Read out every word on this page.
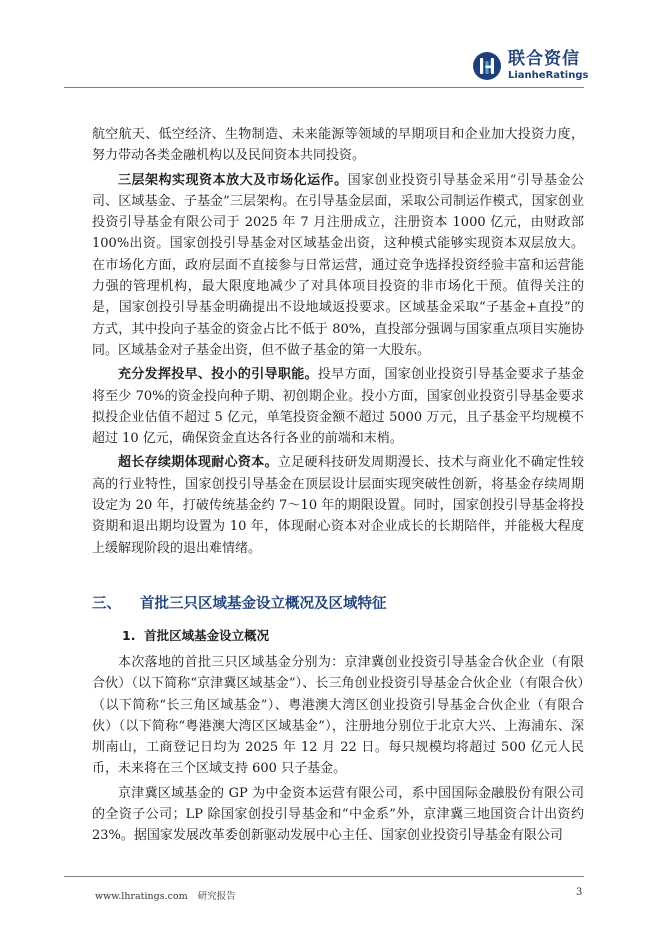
联合资信
LianheRatings

航空航天、低空经济、生物制造、未来能源等领域的早期项目和企业加大投资力度，努力带动各类金融机构以及民间资本共同投资。

三层架构实现资本放大及市场化运作。国家创业投资引导基金采用“引导基金公司、区域基金、子基金”三层架构。在引导基金层面，采取公司制运作模式，国家创业投资引导基金有限公司于 2025 年 7 月注册成立，注册资本 1000 亿元，由财政部 100%出资。国家创投引导基金对区域基金出资，这种模式能够实现资本双层放大。在市场化方面，政府层面不直接参与日常运营，通过竞争选择投资经验丰富和运营能力强的管理机构，最大限度地减少了对具体项目投资的非市场化干预。值得关注的是，国家创投引导基金明确提出不设地域返投要求。区域基金采取“子基金+直投”的方式，其中投向子基金的资金占比不低于 80%，直投部分强调与国家重点项目实施协同。区域基金对子基金出资，但不做子基金的第一大股东。

充分发挥投早、投小的引导职能。投早方面，国家创业投资引导基金要求子基金将至少 70%的资金投向种子期、初创期企业。投小方面，国家创业投资引导基金要求拟投企业估值不超过 5 亿元，单笔投资金额不超过 5000 万元，且子基金平均规模不超过 10 亿元，确保资金直达各行各业的前端和末梢。

超长存续期体现耐心资本。立足硬科技研发周期漫长、技术与商业化不确定性较高的行业特性，国家创投引导基金在顶层设计层面实现突破性创新，将基金存续周期设定为 20 年，打破传统基金约 7～10 年的期限设置。同时，国家创投引导基金将投资期和退出期均设置为 10 年，体现耐心资本对企业成长的长期陪伴，并能极大程度上缓解现阶段的退出难情绪。

三、 首批三只区域基金设立概况及区域特征
1. 首批区域基金设立概况

本次落地的首批三只区域基金分别为：京津冀创业投资引导基金合伙企业（有限合伙）（以下简称“京津冀区域基金”）、长三角创业投资引导基金合伙企业（有限合伙）（以下简称“长三角区域基金”）、粤港澳大湾区创业投资引导基金合伙企业（有限合伙）（以下简称“粤港澳大湾区区域基金”），注册地分别位于北京大兴、上海浦东、深圳南山，工商登记日均为 2025 年 12 月 22 日。每只规模均将超过 500 亿元人民币，未来将在三个区域支持 600 只子基金。

京津冀区域基金的 GP 为中金资本运营有限公司，系中国国际金融股份有限公司的全资子公司；LP 除国家创投引导基金和“中金系”外，京津冀三地国资合计出资约 23%。据国家发展改革委创新驱动发展中心主任、国家创业投资引导基金有限公司

www.lhratings.com 研究报告	3
